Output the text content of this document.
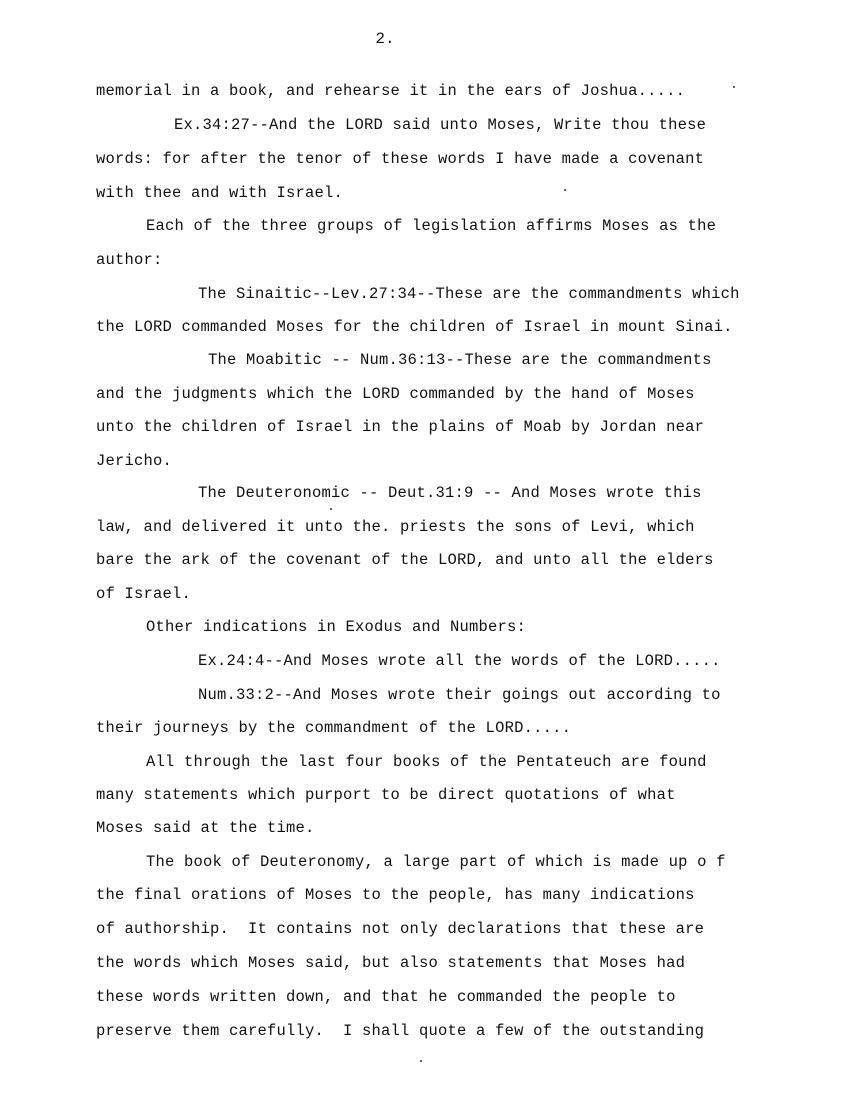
2.
memorial in a book, and rehearse it in the ears of Joshua.....
Ex.34:27--And the LORD said unto Moses, Write thou these
words: for after the tenor of these words I have made a covenant
with thee and with Israel.
Each of the three groups of legislation affirms Moses as the
author:
The Sinaitic--Lev.27:34--These are the commandments which
the LORD commanded Moses for the children of Israel in mount Sinai.
The Moabitic -- Num.36:13--These are the commandments
and the judgments which the LORD commanded by the hand of Moses
unto the children of Israel in the plains of Moab by Jordan near
Jericho.
The Deuteronomic -- Deut.31:9 -- And Moses wrote this
law, and delivered it unto the. priests the sons of Levi, which
bare the ark of the covenant of the LORD, and unto all the elders
of Israel.
Other indications in Exodus and Numbers:
Ex.24:4--And Moses wrote all the words of the LORD.....
Num.33:2--And Moses wrote their goings out according to
their journeys by the commandment of the LORD.....
All through the last four books of the Pentateuch are found
many statements which purport to be direct quotations of what
Moses said at the time.
The book of Deuteronomy, a large part of which is made up o f
the final orations of Moses to the people, has many indications
of authorship.  It contains not only declarations that these are
the words which Moses said, but also statements that Moses had
these words written down, and that he commanded the people to
preserve them carefully.  I shall quote a few of the outstanding
